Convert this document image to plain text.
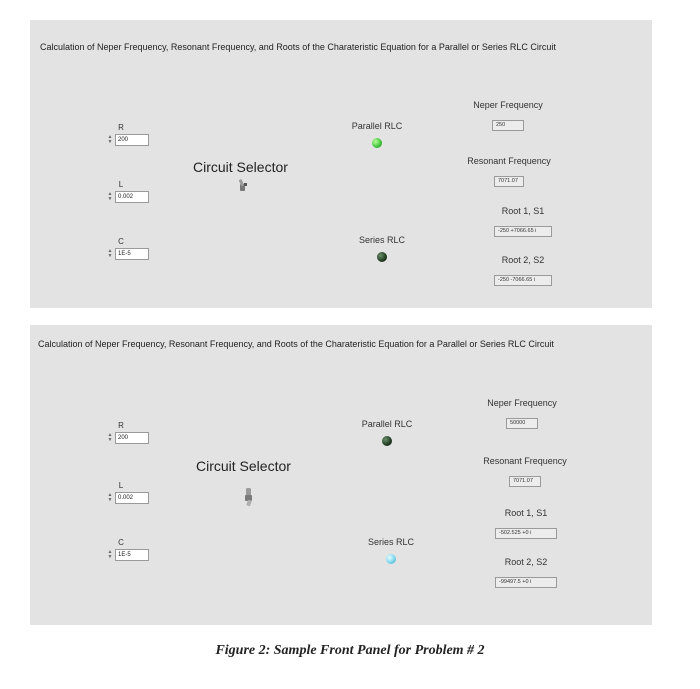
Calculation of Neper Frequency, Resonant Frequency, and Roots of the Charateristic Equation for a Parallel or Series RLC Circuit
R
▲
▼ 200
L
▲
▼ 0.002
C
▲
▼ 1E-5
Circuit Selector
Parallel RLC
Series RLC
Neper Frequency
250
Resonant Frequency
7071.07
Root 1, S1
-250 +7066.65 i
Root 2, S2
-250 -7066.65 i
Calculation of Neper Frequency, Resonant Frequency, and Roots of the Charateristic Equation for a Parallel or Series RLC Circuit
R
▲
▼ 200
L
▲
▼ 0.002
C
▲
▼ 1E-5
Circuit Selector
Parallel RLC
Series RLC
Neper Frequency
50000
Resonant Frequency
7071.07
Root 1, S1
-502.525 +0 i
Root 2, S2
-99497.5 +0 i
Figure 2: Sample Front Panel for Problem # 2
